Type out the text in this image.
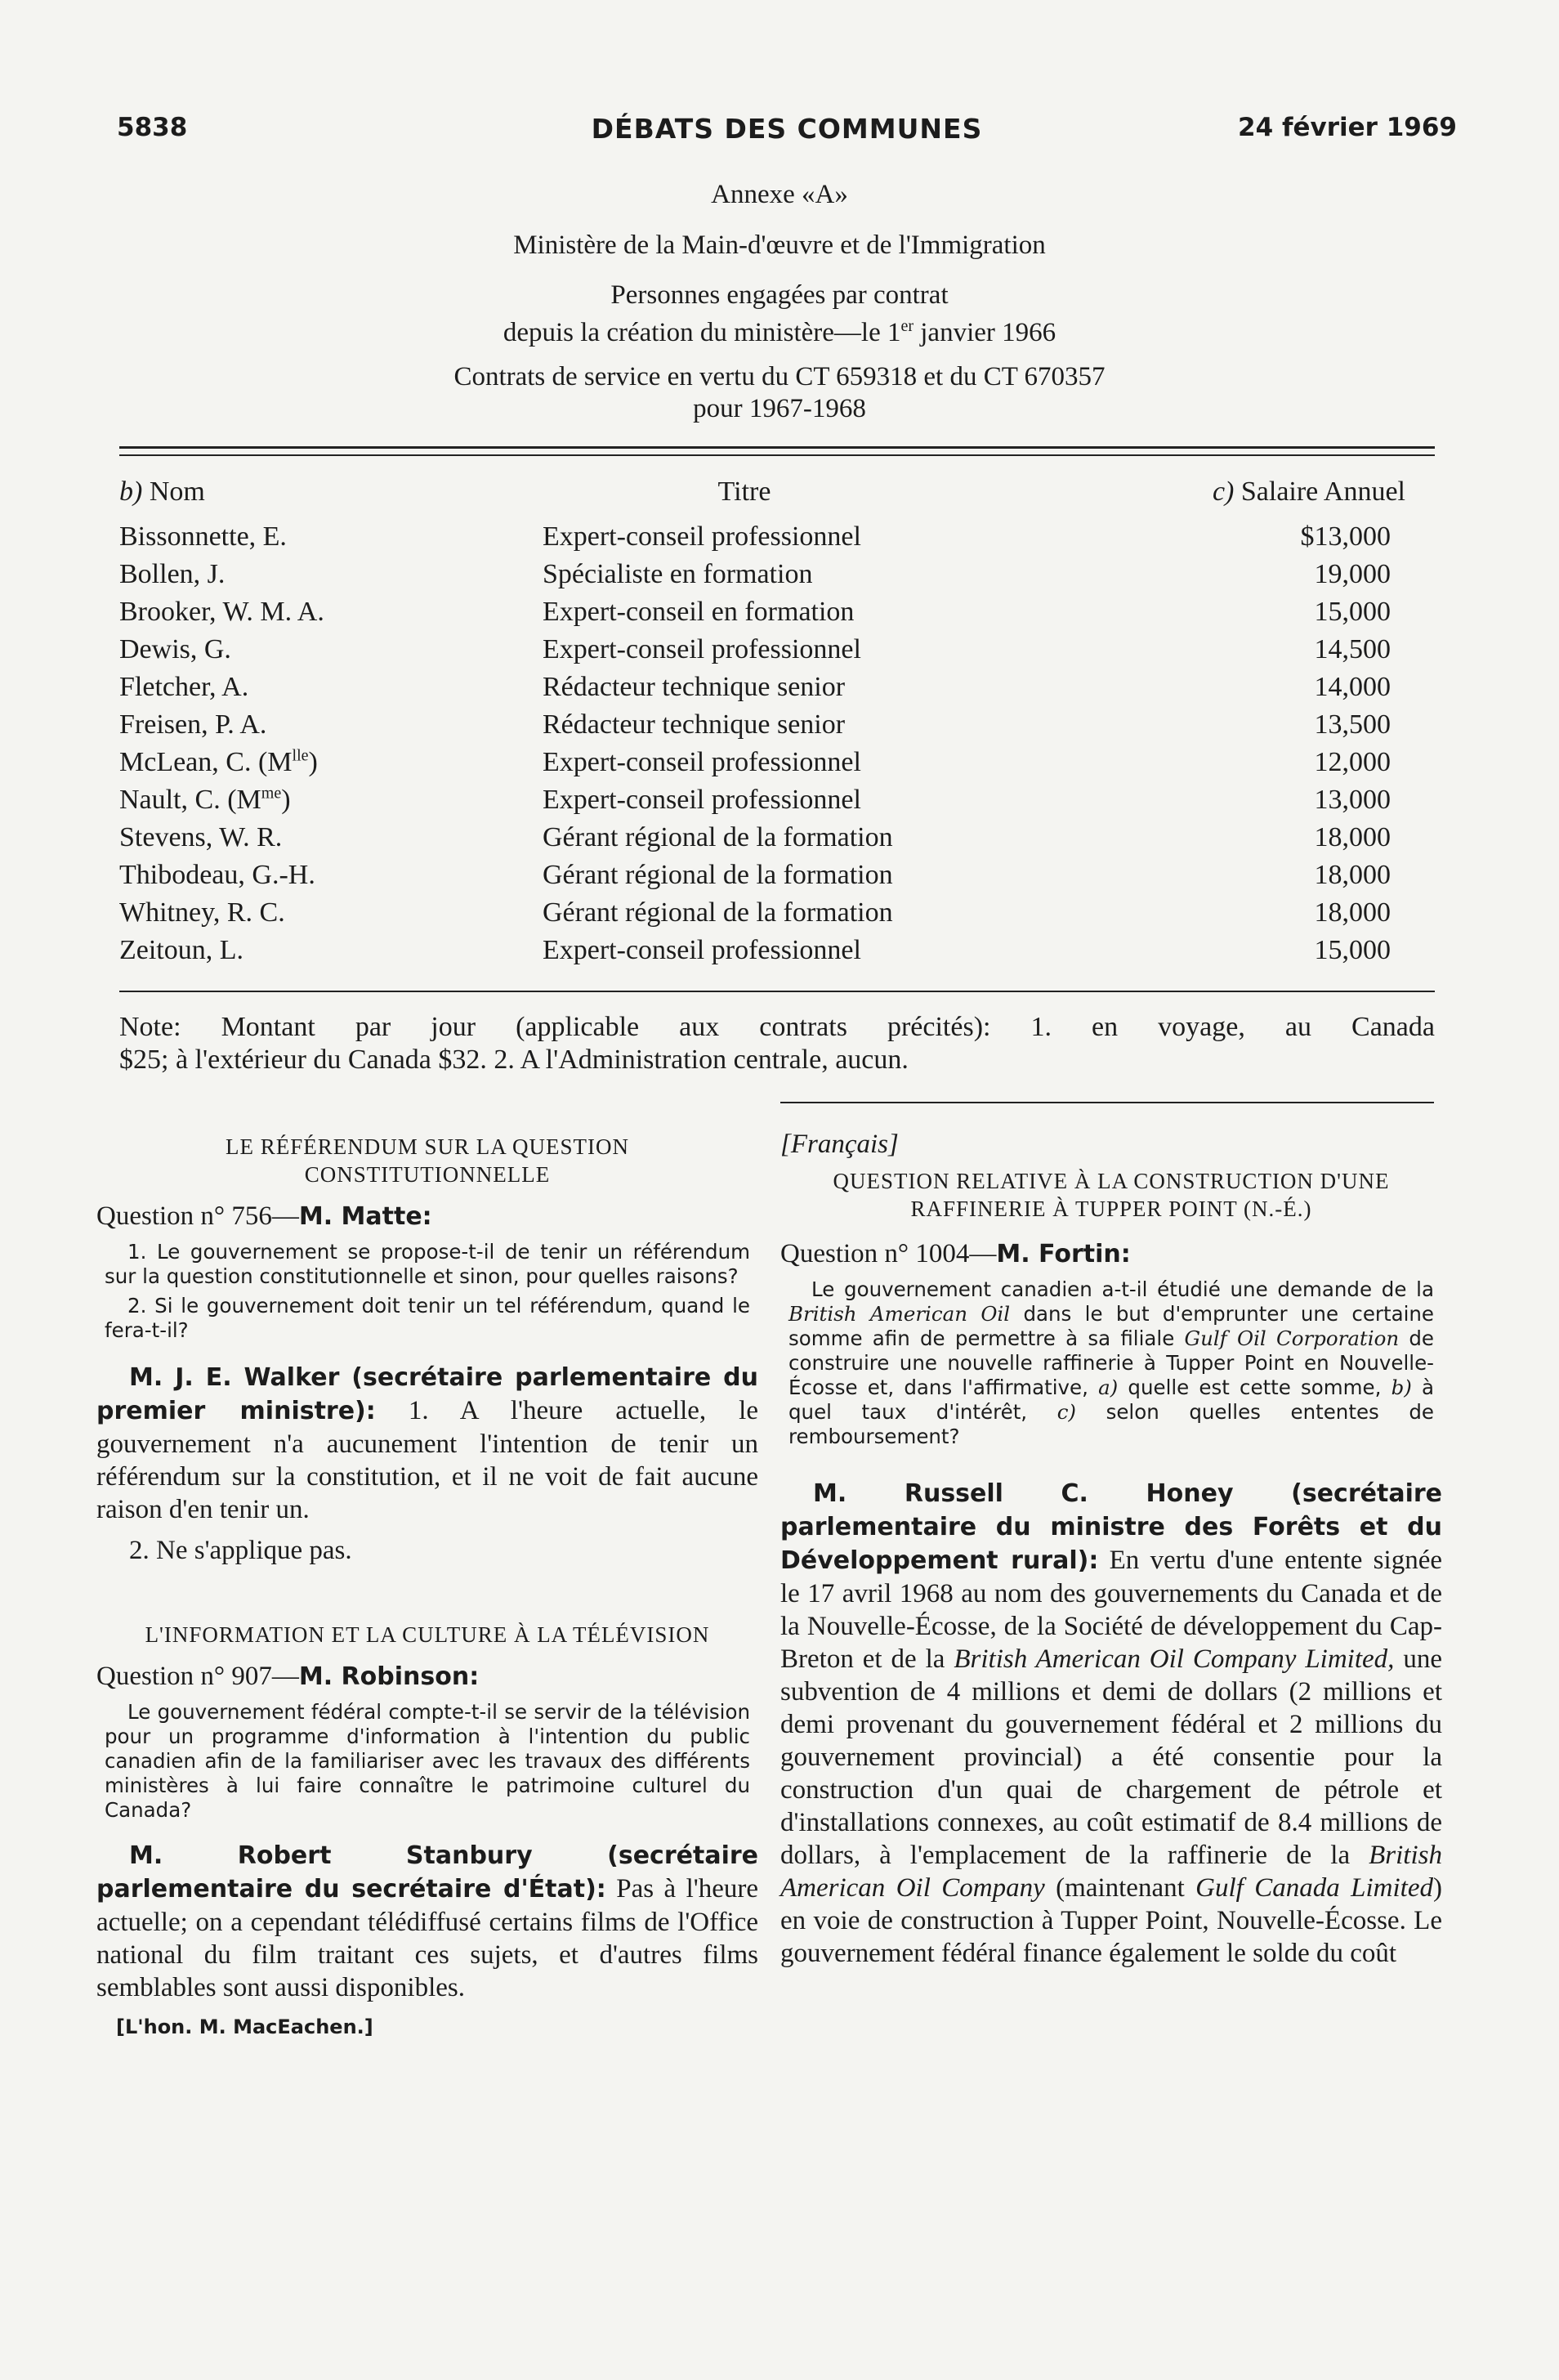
5838	DÉBATS DES COMMUNES	24 février 1969
Annexe «A»
Ministère de la Main-d'œuvre et de l'Immigration
Personnes engagées par contrat
depuis la création du ministère—le 1er janvier 1966
Contrats de service en vertu du CT 659318 et du CT 670357
pour 1967-1968
b) Nom	Titre	c) Salaire Annuel
Bissonnette, E.	Expert-conseil professionnel	$13,000
Bollen, J.	Spécialiste en formation	19,000
Brooker, W. M. A.	Expert-conseil en formation	15,000
Dewis, G.	Expert-conseil professionnel	14,500
Fletcher, A.	Rédacteur technique senior	14,000
Freisen, P. A.	Rédacteur technique senior	13,500
McLean, C. $(M^{lle})$	Expert-conseil professionnel	12,000
Nault, C. $(M^{me})$	Expert-conseil professionnel	13,000
Stevens, W. R.	Gérant régional de la formation	18,000
Thibodeau, G.-H.	Gérant régional de la formation	18,000
Whitney, R. C.	Gérant régional de la formation	18,000
Zeitoun, L.	Expert-conseil professionnel	15,000
Note: Montant par jour (applicable aux contrats précités): 1. en voyage, au Canada
$25; à l'extérieur du Canada $32. 2. A l'Administration centrale, aucun.
LE RÉFÉRENDUM SUR LA QUESTION CONSTITUTIONNELLE
Question n° 756—M. Matte:

1. Le gouvernement se propose-t-il de tenir un référendum sur la question constitutionnelle et sinon, pour quelles raisons?

2. Si le gouvernement doit tenir un tel référendum, quand le fera-t-il?

M. J. E. Walker (secrétaire parlementaire du premier ministre): 1. A l'heure actuelle, le gouvernement n'a aucunement l'intention de tenir un référendum sur la constitution, et il ne voit de fait aucune raison d'en tenir un.

2. Ne s'applique pas.

L'INFORMATION ET LA CULTURE À LA TÉLÉVISION
Question n° 907—M. Robinson:

Le gouvernement fédéral compte-t-il se servir de la télévision pour un programme d'information à l'intention du public canadien afin de la familiariser avec les travaux des différents ministères à lui faire connaître le patrimoine culturel du Canada?

M. Robert Stanbury (secrétaire parlementaire du secrétaire d'État): Pas à l'heure actuelle; on a cependant télédiffusé certains films de l'Office national du film traitant ces sujets, et d'autres films semblables sont aussi disponibles.

[L'hon. M. MacEachen.]
[Français]
QUESTION RELATIVE À LA CONSTRUCTION D'UNE RAFFINERIE À TUPPER POINT (N.-É.)
Question n° 1004—M. Fortin:

Le gouvernement canadien a-t-il étudié une demande de la British American Oil dans le but d'emprunter une certaine somme afin de permettre à sa filiale Gulf Oil Corporation de construire une nouvelle raffinerie à Tupper Point en Nouvelle-Écosse et, dans l'affirmative, a) quelle est cette somme, b) à quel taux d'intérêt, c) selon quelles ententes de remboursement?

M. Russell C. Honey (secrétaire parlementaire du ministre des Forêts et du Développement rural): En vertu d'une entente signée le 17 avril 1968 au nom des gouvernements du Canada et de la Nouvelle-Écosse, de la Société de développement du Cap-Breton et de la British American Oil Company Limited, une subvention de 4 millions et demi de dollars (2 millions et demi provenant du gouvernement fédéral et 2 millions du gouvernement provincial) a été consentie pour la construction d'un quai de chargement de pétrole et d'installations connexes, au coût estimatif de 8.4 millions de dollars, à l'emplacement de la raffinerie de la British American Oil Company (maintenant Gulf Canada Limited) en voie de construction à Tupper Point, Nouvelle-Écosse. Le gouvernement fédéral finance également le solde du coût
